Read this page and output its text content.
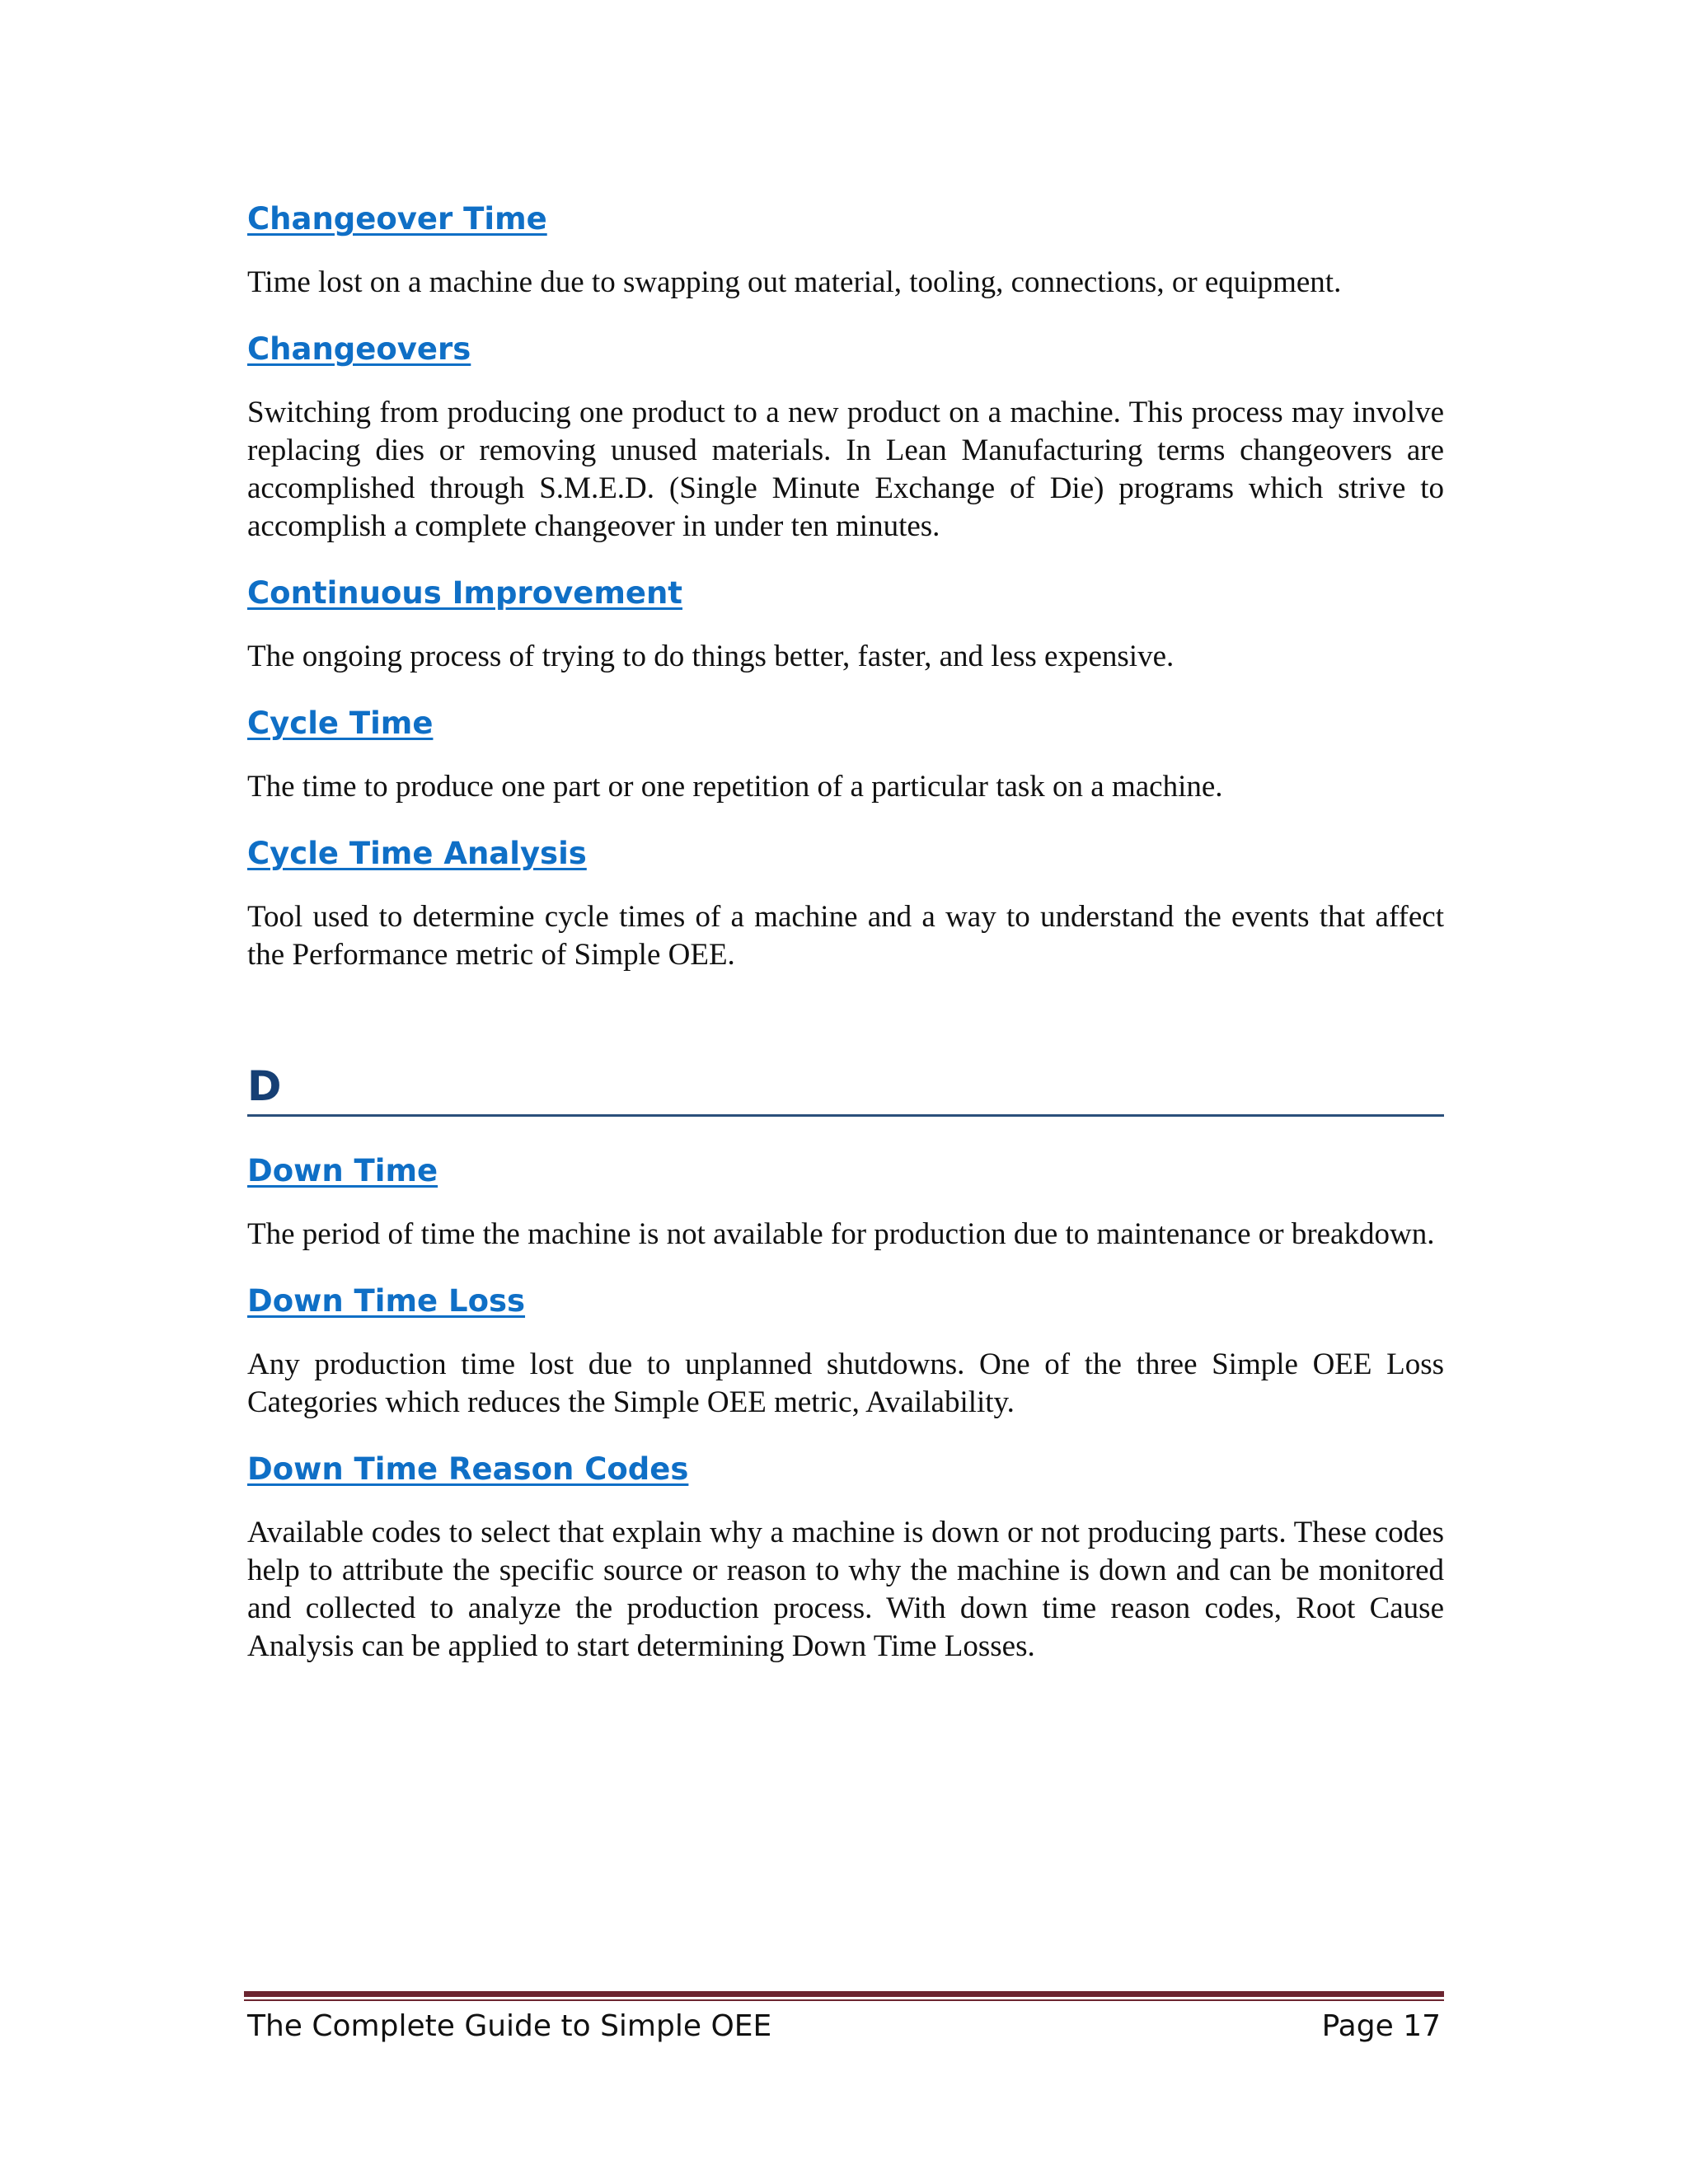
Changeover Time

Time lost on a machine due to swapping out material, tooling, connections, or equipment.

Changeovers

Switching from producing one product to a new product on a machine. This process may involve replacing dies or removing unused materials. In Lean Manufacturing terms changeovers are accomplished through S.M.E.D. (Single Minute Exchange of Die) programs which strive to accomplish a complete changeover in under ten minutes.

Continuous Improvement

The ongoing process of trying to do things better, faster, and less expensive.

Cycle Time

The time to produce one part or one repetition of a particular task on a machine.

Cycle Time Analysis

Tool used to determine cycle times of a machine and a way to understand the events that affect the Performance metric of Simple OEE.

D
Down Time

The period of time the machine is not available for production due to maintenance or breakdown.

Down Time Loss

Any production time lost due to unplanned shutdowns. One of the three Simple OEE Loss Categories which reduces the Simple OEE metric, Availability.

Down Time Reason Codes

Available codes to select that explain why a machine is down or not producing parts. These codes help to attribute the specific source or reason to why the machine is down and can be monitored and collected to analyze the production process. With down time reason codes, Root Cause Analysis can be applied to start determining Down Time Losses.

The Complete Guide to Simple OEE	Page 17
